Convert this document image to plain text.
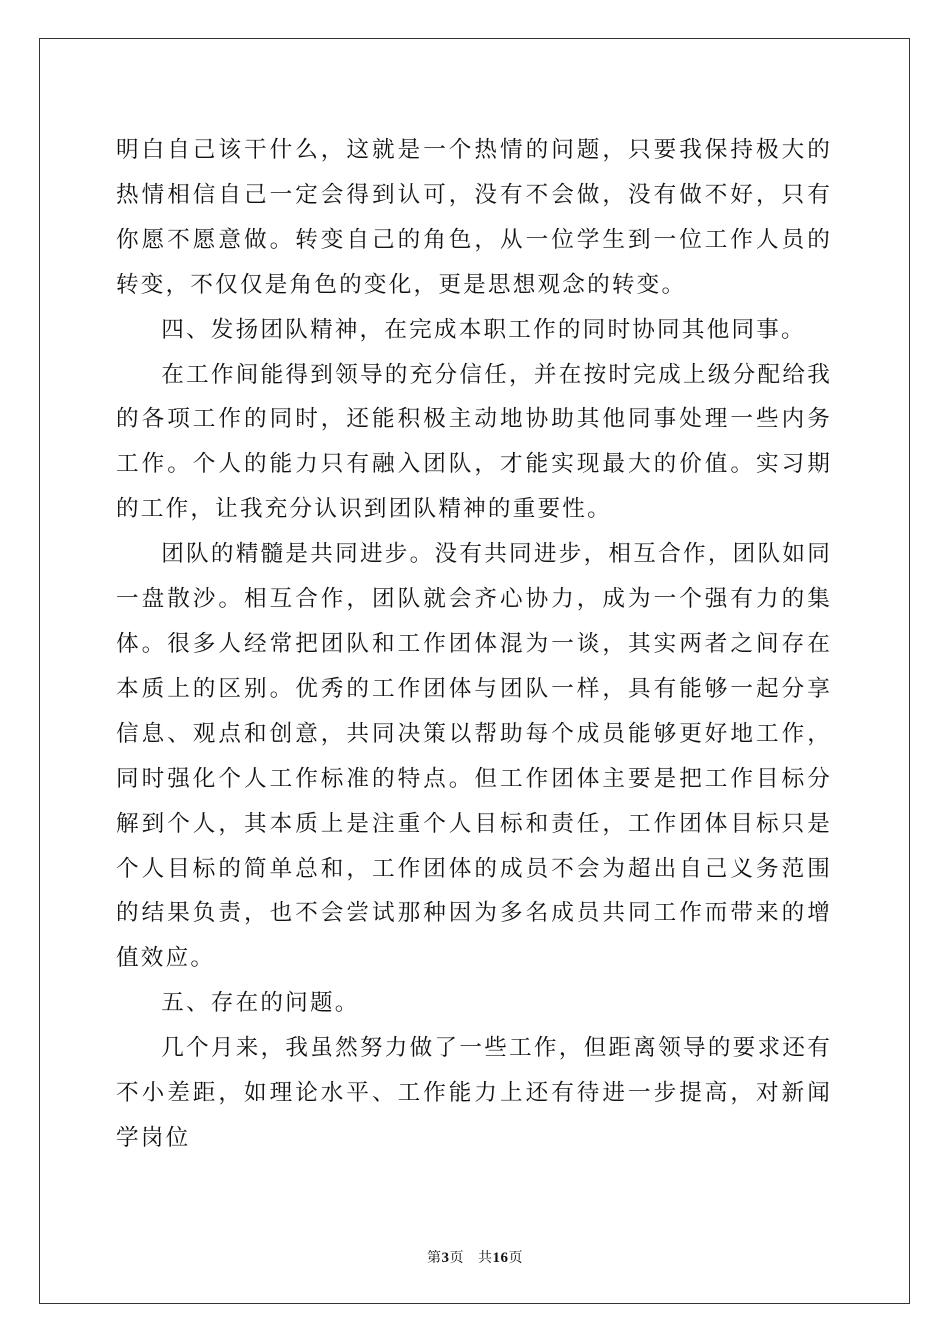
明白自己该干什么，这就是一个热情的问题，只要我保持极大的热情相信自己一定会得到认可，没有不会做，没有做不好，只有你愿不愿意做。转变自己的角色，从一位学生到一位工作人员的转变，不仅仅是角色的变化，更是思想观念的转变。

四、发扬团队精神，在完成本职工作的同时协同其他同事。

在工作间能得到领导的充分信任，并在按时完成上级分配给我的各项工作的同时，还能积极主动地协助其他同事处理一些内务工作。个人的能力只有融入团队，才能实现最大的价值。实习期的工作，让我充分认识到团队精神的重要性。

团队的精髓是共同进步。没有共同进步，相互合作，团队如同一盘散沙。相互合作，团队就会齐心协力，成为一个强有力的集体。很多人经常把团队和工作团体混为一谈，其实两者之间存在本质上的区别。优秀的工作团体与团队一样，具有能够一起分享信息、观点和创意，共同决策以帮助每个成员能够更好地工作，同时强化个人工作标准的特点。但工作团体主要是把工作目标分解到个人，其本质上是注重个人目标和责任，工作团体目标只是个人目标的简单总和，工作团体的成员不会为超出自己义务范围的结果负责，也不会尝试那种因为多名成员共同工作而带来的增值效应。

五、存在的问题。

几个月来，我虽然努力做了一些工作，但距离领导的要求还有不小差距，如理论水平、工作能力上还有待进一步提高，对新闻学岗位

第3页 共16页
